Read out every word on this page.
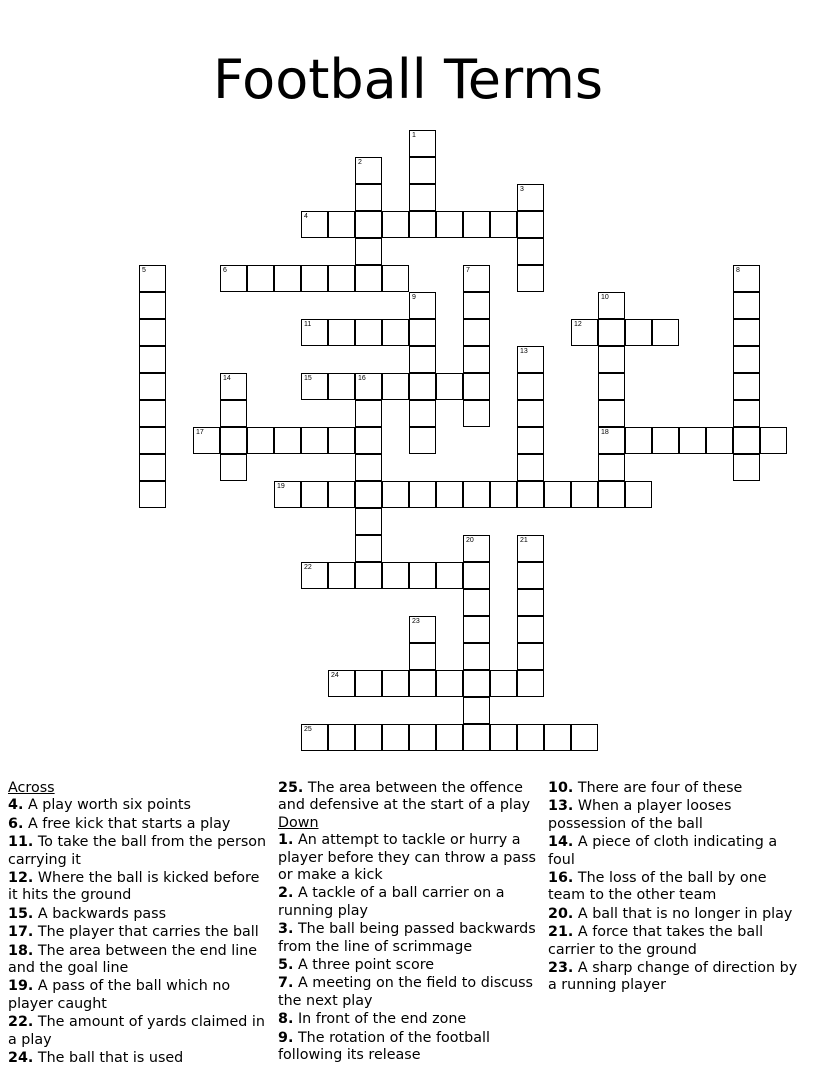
Football Terms
1
2
3
4
5	6	7	8
9	10
11	12
13
14	15	16
17	18
19
20	21
22
23
24
25
Across
4. A play worth six points
6. A free kick that starts a play
11. To take the ball from the person carrying it
12. Where the ball is kicked before it hits the ground
15. A backwards pass
17. The player that carries the ball
18. The area between the end line and the goal line
19. A pass of the ball which no player caught
22. The amount of yards claimed in a play
24. The ball that is used
25. The area between the offence and defensive at the start of a play
Down
1. An attempt to tackle or hurry a player before they can throw a pass or make a kick
2. A tackle of a ball carrier on a running play
3. The ball being passed backwards from the line of scrimmage
5. A three point score
7. A meeting on the field to discuss the next play
8. In front of the end zone
9. The rotation of the football following its release
10. There are four of these
13. When a player looses possession of the ball
14. A piece of cloth indicating a foul
16. The loss of the ball by one team to the other team
20. A ball that is no longer in play
21. A force that takes the ball carrier to the ground
23. A sharp change of direction by a running player
